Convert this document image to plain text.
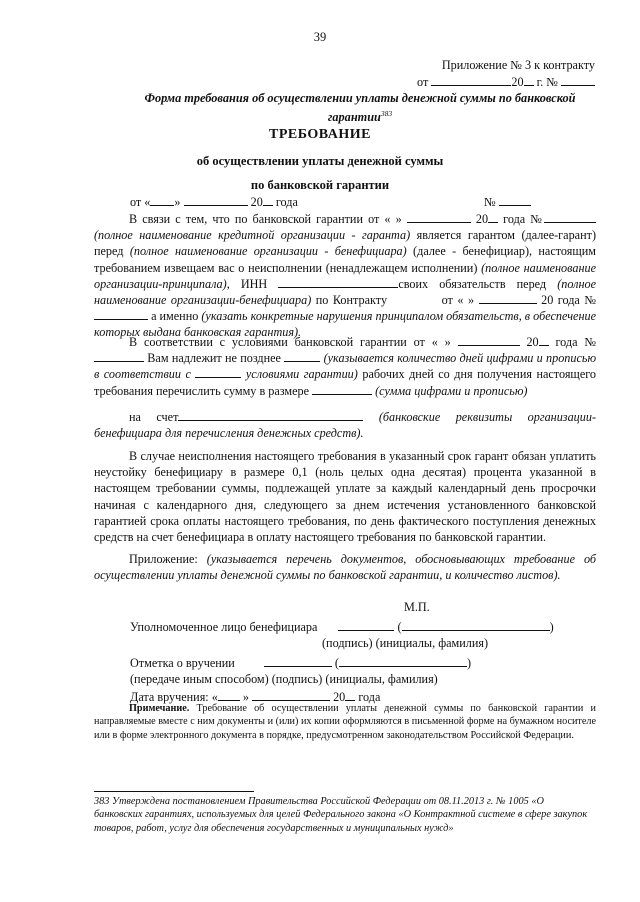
39
Приложение № 3 к контракту
от	20 г. №
Форма требования об осуществлении уплаты денежной суммы по банковской гарантии$^{383}$
ТРЕБОВАНИЕ
об осуществлении уплаты денежной суммы
по банковской гарантии
от « »	20 года	№

В связи с тем, что по банковской гарантии от « »	20 года № (полное наименование кредитной организации - гаранта) является гарантом (далее-гарант) перед (полное наименование организации - бенефициара) (далее - бенефициар), настоящим требованием извещаем вас о неисполнении (ненадлежащем исполнении) (полное наименование организации-принципала), ИНН	своих обязательств перед (полное наименование организации-бенефициара) по Контракту	от « »	20 года №  а именно (указать конкретные нарушения принципалом обязательств, в обеспечение которых выдана банковская гарантия).

В соответствии с условиями банковской гарантии от « »	20 года №  Вам надлежит не позднее	(указывается количество дней цифрами и прописью в соответствии с	условиями гарантии) рабочих дней со дня получения настоящего требования перечислить сумму в размере	(сумма цифрами и прописью)

на счет	(банковские реквизиты организации-бенефициара для перечисления денежных средств).

В случае неисполнения настоящего требования в указанный срок гарант обязан уплатить неустойку бенефициару в размере 0,1 (ноль целых одна десятая) процента указанной в настоящем требовании суммы, подлежащей уплате за каждый календарный день просрочки начиная с календарного дня, следующего за днем истечения установленного банковской гарантией срока оплаты настоящего требования, по день фактического поступления денежных средств на счет бенефициара в оплату настоящего требования по банковской гарантии.

Приложение: (указывается перечень документов, обосновывающих требование об осуществлении уплаты денежной суммы по банковской гарантии, и количество листов).

М.П.
Уполномоченное лицо бенефициара	(	)
(подпись) (инициалы, фамилия)
Отметка о вручении	(	)
(передаче иным способом) (подпись) (инициалы, фамилия)
Дата вручения: « »	20 года
Примечание. Требование об осуществлении уплаты денежной суммы по банковской гарантии и направляемые вместе с ним документы и (или) их копии оформляются в письменной форме на бумажном носителе или в форме электронного документа в порядке, предусмотренном законодательством Российской Федерации.
383 Утверждена постановлением Правительства Российской Федерации от 08.11.2013 г. № 1005 «О банковских гарантиях, используемых для целей Федерального закона «О Контрактной системе в сфере закупок товаров, работ, услуг для обеспечения государственных и муниципальных нужд»
